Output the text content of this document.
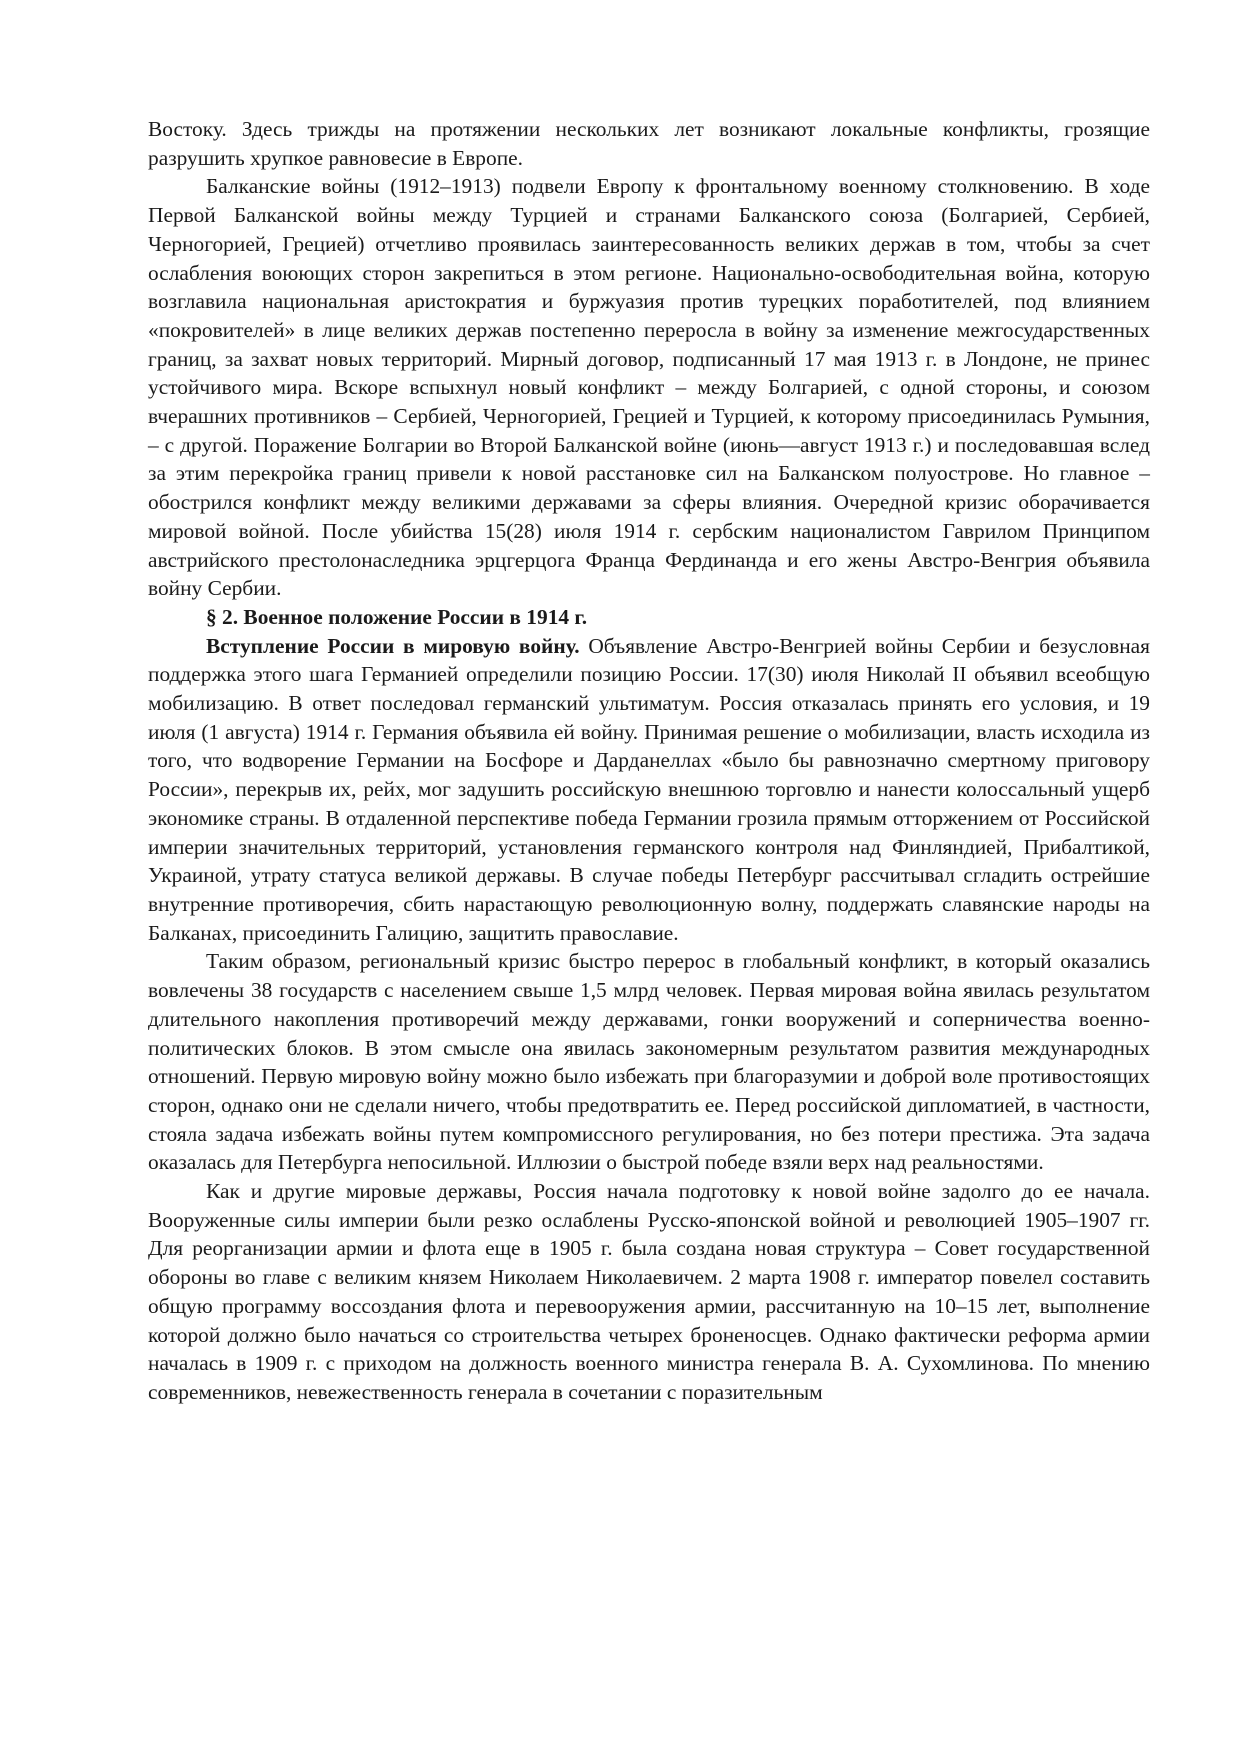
Востоку. Здесь трижды на протяжении нескольких лет возникают локальные конфликты, грозящие разрушить хрупкое равновесие в Европе.

Балканские войны (1912–1913) подвели Европу к фронтальному военному столкновению. В ходе Первой Балканской войны между Турцией и странами Балканского союза (Болгарией, Сербией, Черногорией, Грецией) отчетливо проявилась заинтересованность великих держав в том, чтобы за счет ослабления воюющих сторон закрепиться в этом регионе. Национально-освободительная война, которую возглавила национальная аристократия и буржуазия против турецких поработителей, под влиянием «покровителей» в лице великих держав постепенно переросла в войну за изменение межгосударственных границ, за захват новых территорий. Мирный договор, подписанный 17 мая 1913 г. в Лондоне, не принес устойчивого мира. Вскоре вспыхнул новый конфликт – между Болгарией, с одной стороны, и союзом вчерашних противников – Сербией, Черногорией, Грецией и Турцией, к которому присоединилась Румыния, – с другой. Поражение Болгарии во Второй Балканской войне (июнь—август 1913 г.) и последовавшая вслед за этим перекройка границ привели к новой расстановке сил на Балканском полуострове. Но главное – обострился конфликт между великими державами за сферы влияния. Очередной кризис оборачивается мировой войной. После убийства 15(28) июля 1914 г. сербским националистом Гаврилом Принципом австрийского престолонаследника эрцгерцога Франца Фердинанда и его жены Австро-Венгрия объявила войну Сербии.

§ 2. Военное положение России в 1914 г.

Вступление России в мировую войну. Объявление Австро-Венгрией войны Сербии и безусловная поддержка этого шага Германией определили позицию России. 17(30) июля Николай II объявил всеобщую мобилизацию. В ответ последовал германский ультиматум. Россия отказалась принять его условия, и 19 июля (1 августа) 1914 г. Германия объявила ей войну. Принимая решение о мобилизации, власть исходила из того, что водворение Германии на Босфоре и Дарданеллах «было бы равнозначно смертному приговору России», перекрыв их, рейх, мог задушить российскую внешнюю торговлю и нанести колоссальный ущерб экономике страны. В отдаленной перспективе победа Германии грозила прямым отторжением от Российской империи значительных территорий, установления германского контроля над Финляндией, Прибалтикой, Украиной, утрату статуса великой державы. В случае победы Петербург рассчитывал сгладить острейшие внутренние противоречия, сбить нарастающую революционную волну, поддержать славянские народы на Балканах, присоединить Галицию, защитить православие.

Таким образом, региональный кризис быстро перерос в глобальный конфликт, в который оказались вовлечены 38 государств с населением свыше 1,5 млрд человек. Первая мировая война явилась результатом длительного накопления противоречий между державами, гонки вооружений и соперничества военно-политических блоков. В этом смысле она явилась закономерным результатом развития международных отношений. Первую мировую войну можно было избежать при благоразумии и доброй воле противостоящих сторон, однако они не сделали ничего, чтобы предотвратить ее. Перед российской дипломатией, в частности, стояла задача избежать войны путем компромиссного регулирования, но без потери престижа. Эта задача оказалась для Петербурга непосильной. Иллюзии о быстрой победе взяли верх над реальностями.

Как и другие мировые державы, Россия начала подготовку к новой войне задолго до ее начала. Вооруженные силы империи были резко ослаблены Русско-японской войной и революцией 1905–1907 гг. Для реорганизации армии и флота еще в 1905 г. была создана новая структура – Совет государственной обороны во главе с великим князем Николаем Николаевичем. 2 марта 1908 г. император повелел составить общую программу воссоздания флота и перевооружения армии, рассчитанную на 10–15 лет, выполнение которой должно было начаться со строительства четырех броненосцев. Однако фактически реформа армии началась в 1909 г. с приходом на должность военного министра генерала В. А. Сухомлинова. По мнению современников, невежественность генерала в сочетании с поразительным
